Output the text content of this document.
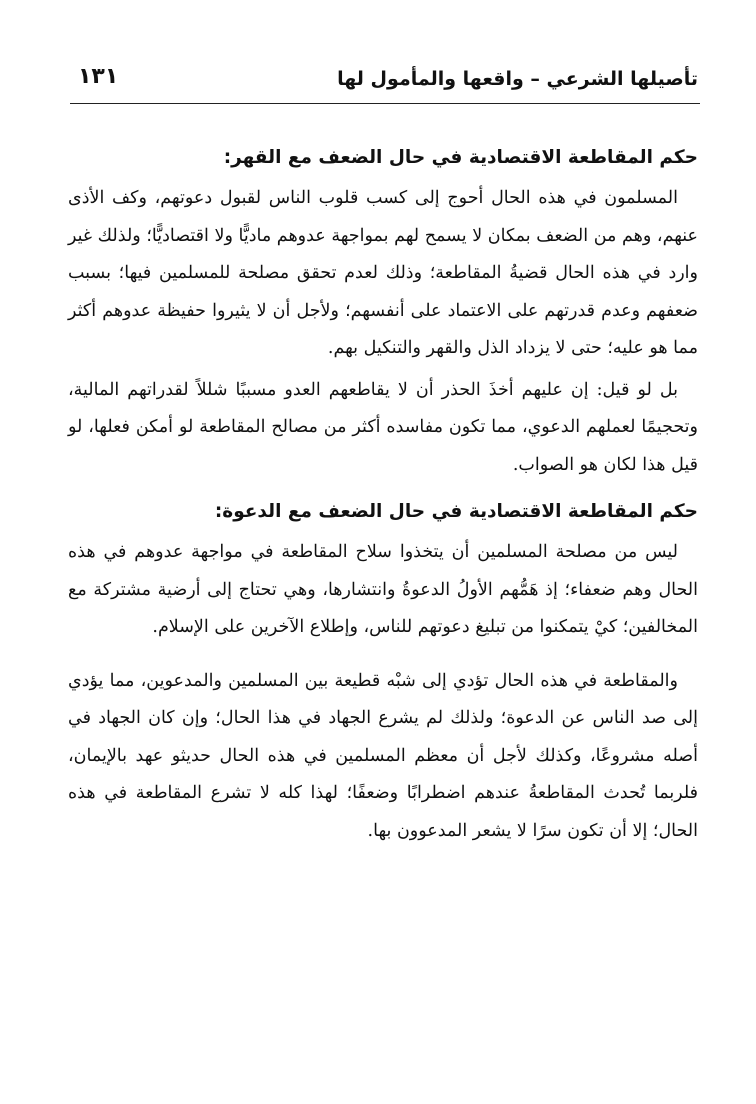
تأصيلها الشرعي – واقعها والمأمول لها
١٣١
حكم المقاطعة الاقتصادية في حال الضعف مع القهر:

المسلمون في هذه الحال أحوج إلى كسب قلوب الناس لقبول دعوتهم، وكف الأذى عنهم، وهم من الضعف بمكان لا يسمح لهم بمواجهة عدوهم ماديًّا ولا اقتصاديًّا؛ ولذلك غير وارد في هذه الحال قضيةُ المقاطعة؛ وذلك لعدم تحقق مصلحة للمسلمين فيها؛ بسبب ضعفهم وعدم قدرتهم على الاعتماد على أنفسهم؛ ولأجل أن لا يثيروا حفيظة عدوهم أكثر مما هو عليه؛ حتى لا يزداد الذل والقهر والتنكيل بهم.

بل لو قيل: إن عليهم أخذَ الحذر أن لا يقاطعهم العدو مسببًا شللاً لقدراتهم المالية، وتحجيمًا لعملهم الدعوي، مما تكون مفاسده أكثر من مصالح المقاطعة لو أمكن فعلها، لو قيل هذا لكان هو الصواب.

حكم المقاطعة الاقتصادية في حال الضعف مع الدعوة:

ليس من مصلحة المسلمين أن يتخذوا سلاح المقاطعة في مواجهة عدوهم في هذه الحال وهم ضعفاء؛ إذ هَمُّهم الأولُ الدعوةُ وانتشارها، وهي تحتاج إلى أرضية مشتركة مع المخالفين؛ كيْ يتمكنوا من تبليغ دعوتهم للناس، وإطلاع الآخرين على الإسلام.

والمقاطعة في هذه الحال تؤدي إلى شبْه قطيعة بين المسلمين والمدعوين، مما يؤدي إلى صد الناس عن الدعوة؛ ولذلك لم يشرع الجهاد في هذا الحال؛ وإن كان الجهاد في أصله مشروعًا، وكذلك لأجل أن معظم المسلمين في هذه الحال حديثو عهد بالإيمان، فلربما تُحدث المقاطعةُ عندهم اضطرابًا وضعفًا؛ لهذا كله لا تشرع المقاطعة في هذه الحال؛ إلا أن تكون سرًا لا يشعر المدعوون بها.
